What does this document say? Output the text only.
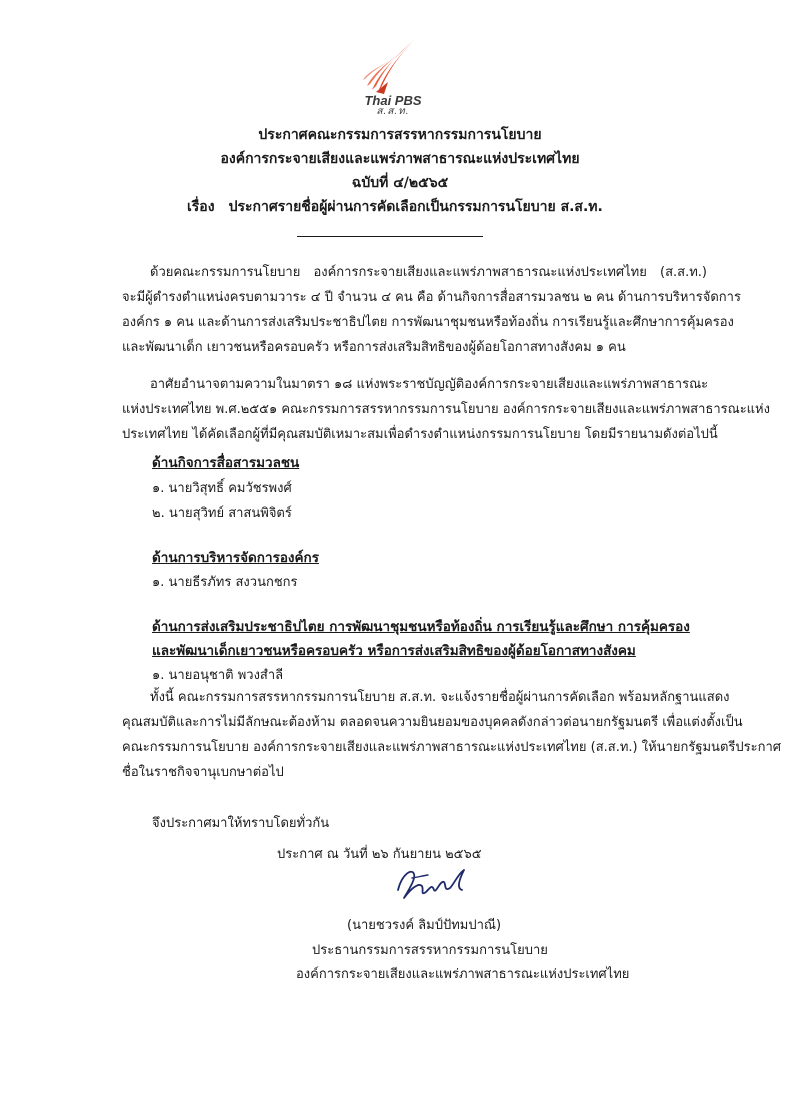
Thai PBS
ส.ส.ท.
ประกาศคณะกรรมการสรรหากรรมการนโยบาย
องค์การกระจายเสียงและแพร่ภาพสาธารณะแห่งประเทศไทย
ฉบับที่ ๔/๒๕๖๕
เรื่อง ประกาศรายชื่อผู้ผ่านการคัดเลือกเป็นกรรมการนโยบาย ส.ส.ท.
ด้วยคณะกรรมการนโยบาย องค์การกระจายเสียงและแพร่ภาพสาธารณะแห่งประเทศไทย (ส.ส.ท.)
จะมีผู้ดำรงตำแหน่งครบตามวาระ ๔ ปี จำนวน ๔ คน คือ ด้านกิจการสื่อสารมวลชน ๒ คน ด้านการบริหารจัดการ
องค์กร ๑ คน และด้านการส่งเสริมประชาธิปไตย การพัฒนาชุมชนหรือท้องถิ่น การเรียนรู้และศึกษาการคุ้มครอง
และพัฒนาเด็ก เยาวชนหรือครอบครัว หรือการส่งเสริมสิทธิของผู้ด้อยโอกาสทางสังคม ๑ คน
อาศัยอำนาจตามความในมาตรา ๑๘ แห่งพระราชบัญญัติองค์การกระจายเสียงและแพร่ภาพสาธารณะ
แห่งประเทศไทย พ.ศ.๒๕๕๑ คณะกรรมการสรรหากรรมการนโยบาย องค์การกระจายเสียงและแพร่ภาพสาธารณะแห่ง
ประเทศไทย ได้คัดเลือกผู้ที่มีคุณสมบัติเหมาะสมเพื่อดำรงตำแหน่งกรรมการนโยบาย โดยมีรายนามดังต่อไปนี้
ด้านกิจการสื่อสารมวลชน
๑. นายวิสุทธิ์ คมวัชรพงศ์
๒. นายสุวิทย์ สาสนพิจิตร์
ด้านการบริหารจัดการองค์กร
๑. นายธีรภัทร สงวนกชกร
ด้านการส่งเสริมประชาธิปไตย การพัฒนาชุมชนหรือท้องถิ่น การเรียนรู้และศึกษา การคุ้มครอง
และพัฒนาเด็กเยาวชนหรือครอบครัว หรือการส่งเสริมสิทธิของผู้ด้อยโอกาสทางสังคม
๑. นายอนุชาติ พวงสำลี
ทั้งนี้ คณะกรรมการสรรหากรรมการนโยบาย ส.ส.ท. จะแจ้งรายชื่อผู้ผ่านการคัดเลือก พร้อมหลักฐานแสดง
คุณสมบัติและการไม่มีลักษณะต้องห้าม ตลอดจนความยินยอมของบุคคลดังกล่าวต่อนายกรัฐมนตรี เพื่อแต่งตั้งเป็น
คณะกรรมการนโยบาย องค์การกระจายเสียงและแพร่ภาพสาธารณะแห่งประเทศไทย (ส.ส.ท.) ให้นายกรัฐมนตรีประกาศ
ชื่อในราชกิจจานุเบกษาต่อไป
จึงประกาศมาให้ทราบโดยทั่วกัน
ประกาศ ณ วันที่ ๒๖ กันยายน ๒๕๖๕
(นายชวรงค์ ลิมป์ปัทมปาณี)
ประธานกรรมการสรรหากรรมการนโยบาย
องค์การกระจายเสียงและแพร่ภาพสาธารณะแห่งประเทศไทย
